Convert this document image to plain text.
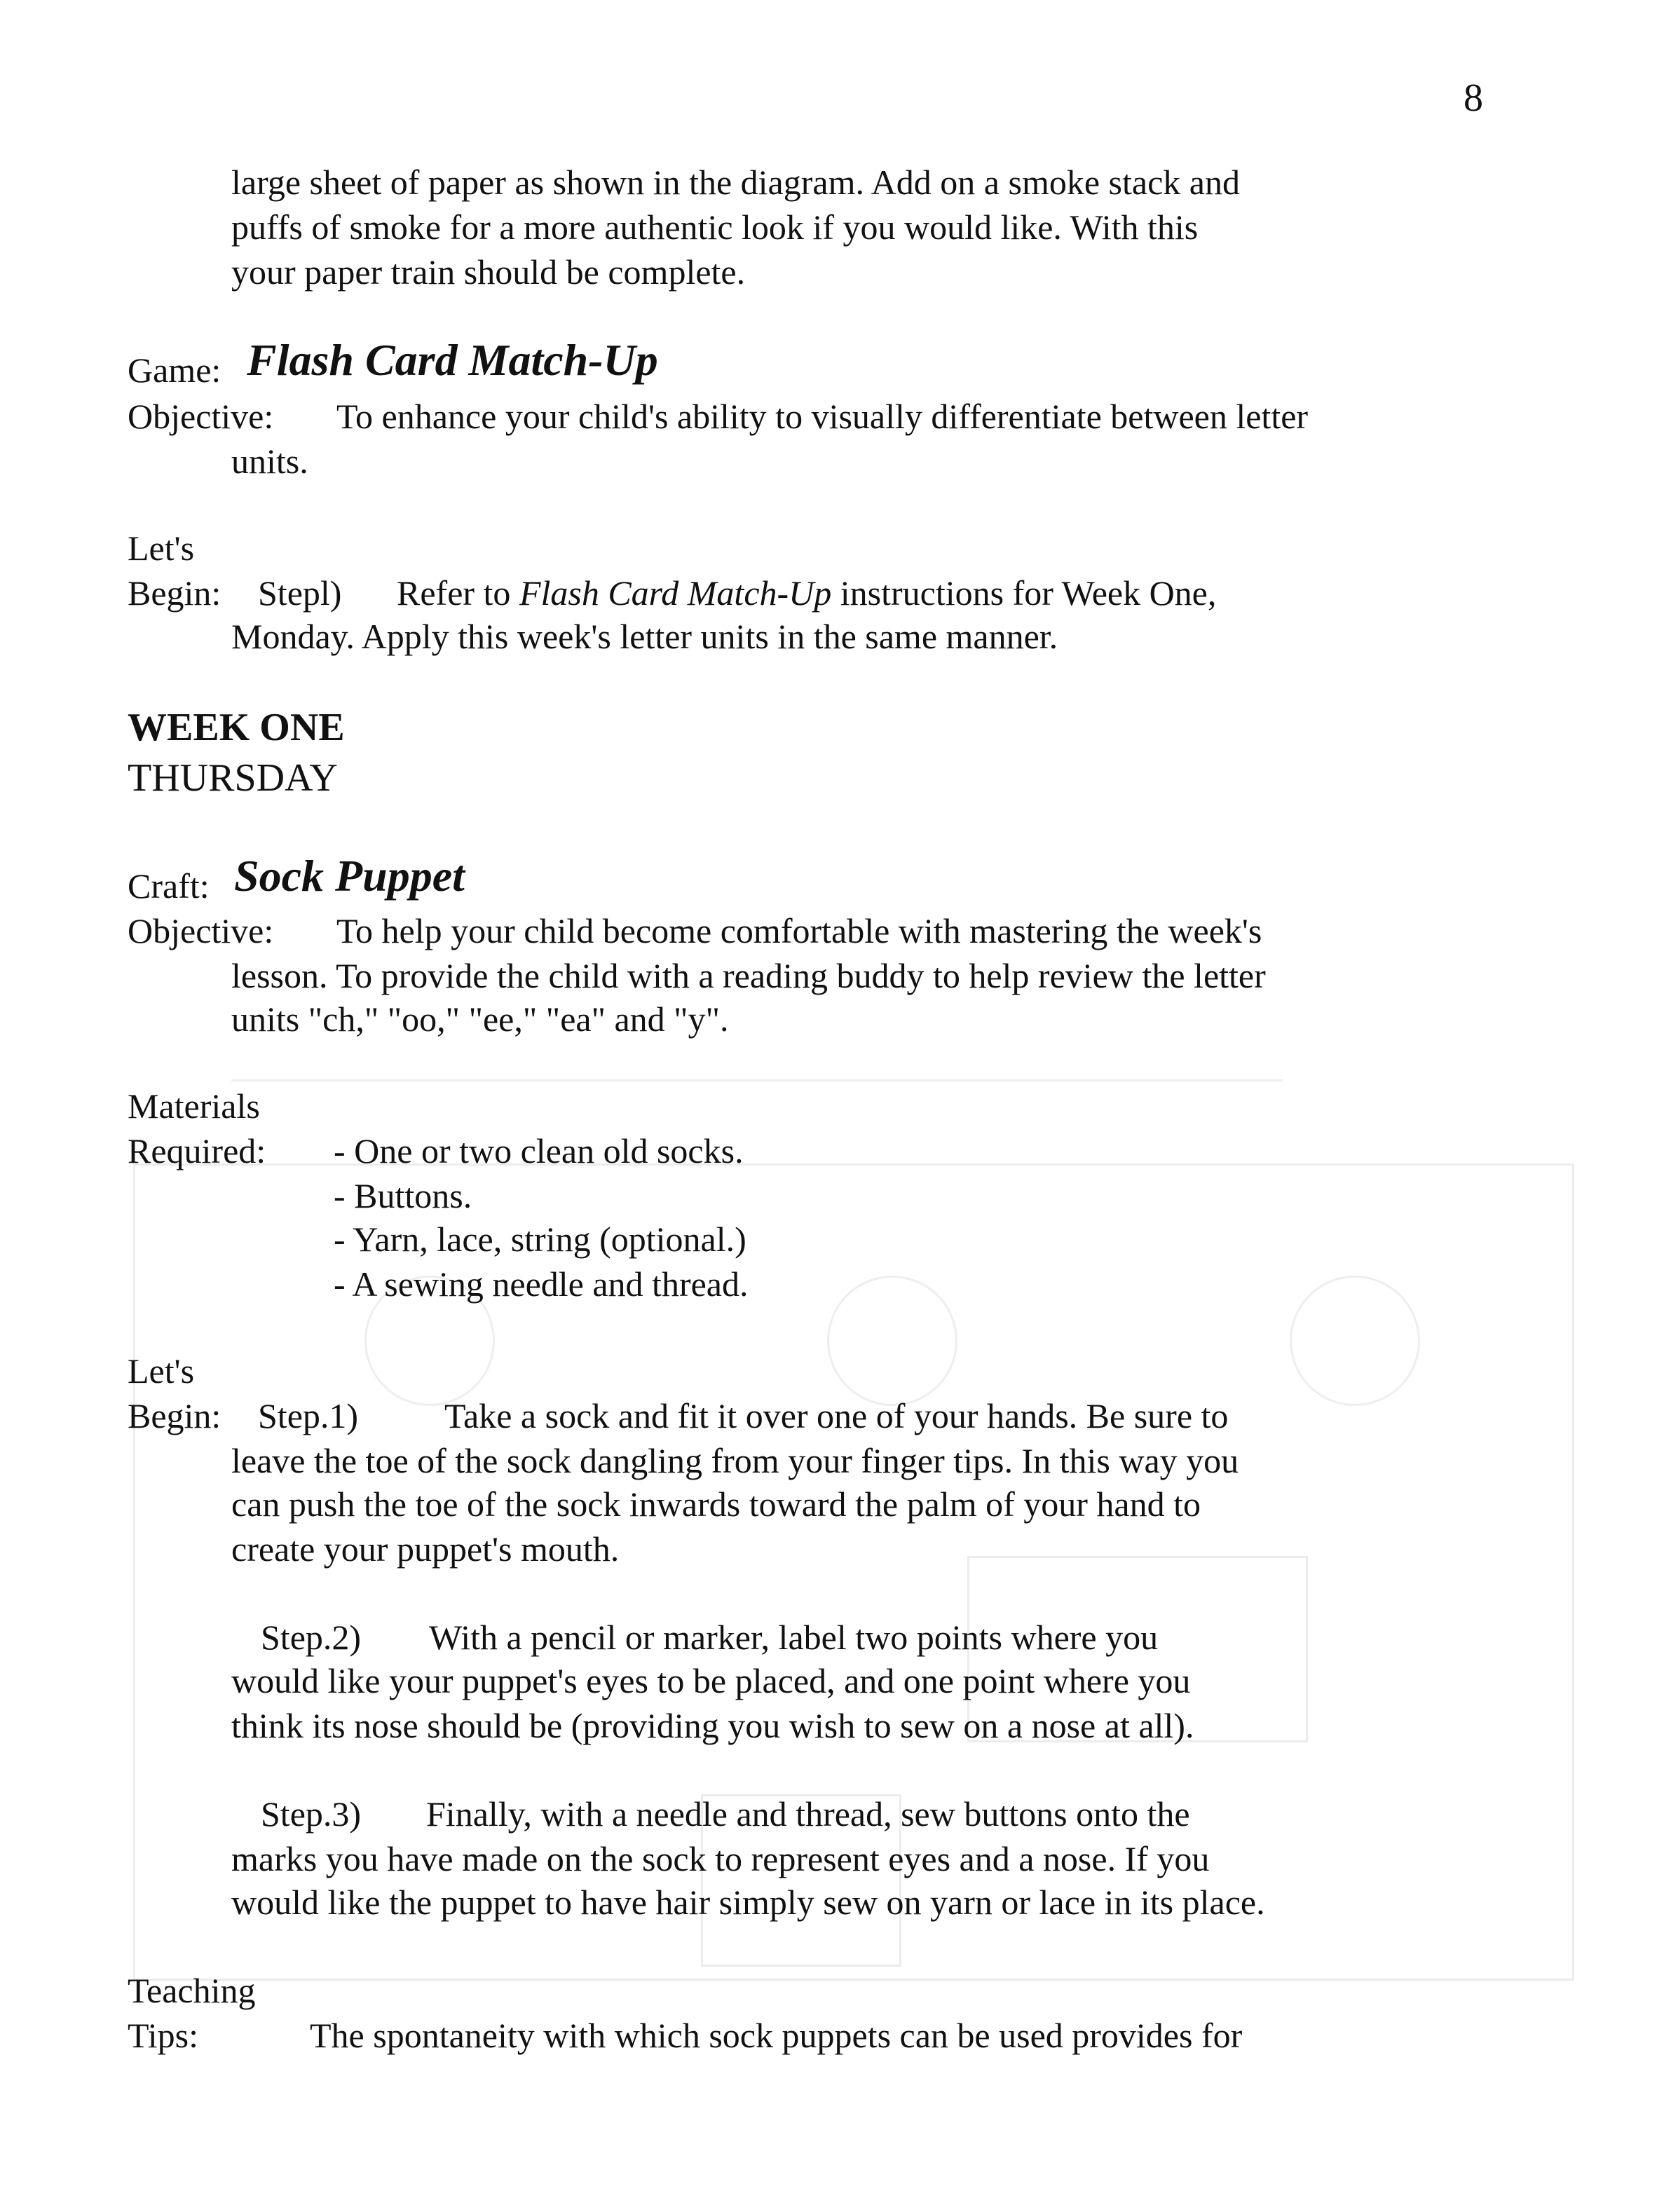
8
large sheet of paper as shown in the diagram. Add on a smoke stack and
puffs of smoke for a more authentic look if you would like. With this
your paper train should be complete.
Game: Flash Card Match-Up
Objective: To enhance your child's ability to visually differentiate between letter
units.
Let's
Begin: Stepl) Refer to Flash Card Match-Up instructions for Week One,
Monday. Apply this week's letter units in the same manner.
WEEK ONE
THURSDAY
Craft: Sock Puppet
Objective: To help your child become comfortable with mastering the week's
lesson. To provide the child with a reading buddy to help review the letter
units "ch," "oo," "ee," "ea" and "y".
Materials
Required: - One or two clean old socks.
- Buttons.
- Yarn, lace, string (optional.)
- A sewing needle and thread.
Let's
Begin: Step.1) Take a sock and fit it over one of your hands. Be sure to
leave the toe of the sock dangling from your finger tips. In this way you
can push the toe of the sock inwards toward the palm of your hand to
create your puppet's mouth.
Step.2) With a pencil or marker, label two points where you
would like your puppet's eyes to be placed, and one point where you
think its nose should be (providing you wish to sew on a nose at all).
Step.3) Finally, with a needle and thread, sew buttons onto the
marks you have made on the sock to represent eyes and a nose. If you
would like the puppet to have hair simply sew on yarn or lace in its place.
Teaching
Tips:	The spontaneity with which sock puppets can be used provides for
